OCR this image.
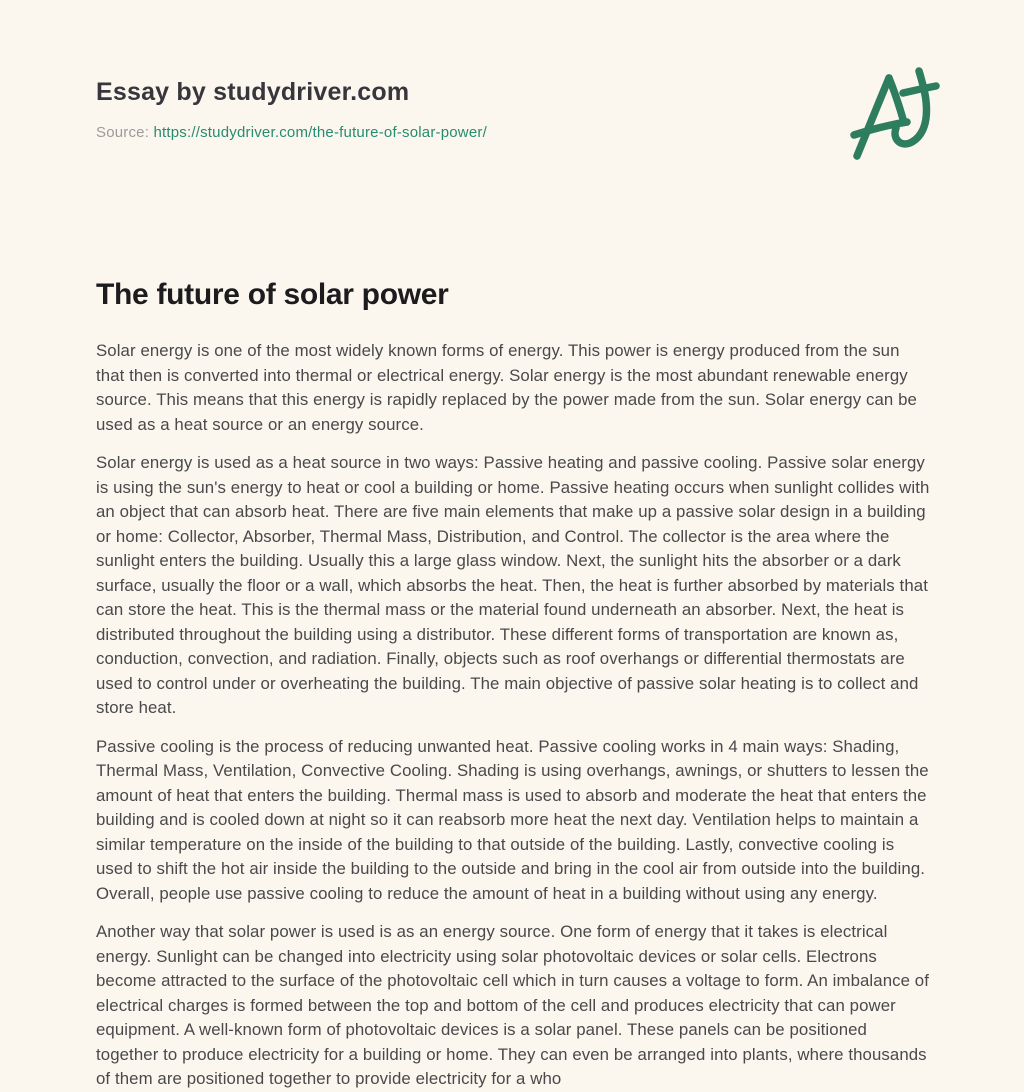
Essay by studydriver.com
Source: https://studydriver.com/the-future-of-solar-power/
The future of solar power

Solar energy is one of the most widely known forms of energy. This power is energy produced from the sun that then is converted into thermal or electrical energy. Solar energy is the most abundant renewable energy source. This means that this energy is rapidly replaced by the power made from the sun. Solar energy can be used as a heat source or an energy source.

Solar energy is used as a heat source in two ways: Passive heating and passive cooling. Passive solar energy is using the sun's energy to heat or cool a building or home. Passive heating occurs when sunlight collides with an object that can absorb heat. There are five main elements that make up a passive solar design in a building or home: Collector, Absorber, Thermal Mass, Distribution, and Control. The collector is the area where the sunlight enters the building. Usually this a large glass window. Next, the sunlight hits the absorber or a dark surface, usually the floor or a wall, which absorbs the heat. Then, the heat is further absorbed by materials that can store the heat. This is the thermal mass or the material found underneath an absorber. Next, the heat is distributed throughout the building using a distributor. These different forms of transportation are known as, conduction, convection, and radiation. Finally, objects such as roof overhangs or differential thermostats are used to control under or overheating the building. The main objective of passive solar heating is to collect and store heat.

Passive cooling is the process of reducing unwanted heat. Passive cooling works in 4 main ways: Shading, Thermal Mass, Ventilation, Convective Cooling. Shading is using overhangs, awnings, or shutters to lessen the amount of heat that enters the building. Thermal mass is used to absorb and moderate the heat that enters the building and is cooled down at night so it can reabsorb more heat the next day. Ventilation helps to maintain a similar temperature on the inside of the building to that outside of the building. Lastly, convective cooling is used to shift the hot air inside the building to the outside and bring in the cool air from outside into the building. Overall, people use passive cooling to reduce the amount of heat in a building without using any energy.

Another way that solar power is used is as an energy source. One form of energy that it takes is electrical energy. Sunlight can be changed into electricity using solar photovoltaic devices or solar cells. Electrons become attracted to the surface of the photovoltaic cell which in turn causes a voltage to form. An imbalance of electrical charges is formed between the top and bottom of the cell and produces electricity that can power equipment. A well-known form of photovoltaic devices is a solar panel. These panels can be positioned together to produce electricity for a building or home. They can even be arranged into plants, where thousands of them are positioned together to provide electricity for a who
